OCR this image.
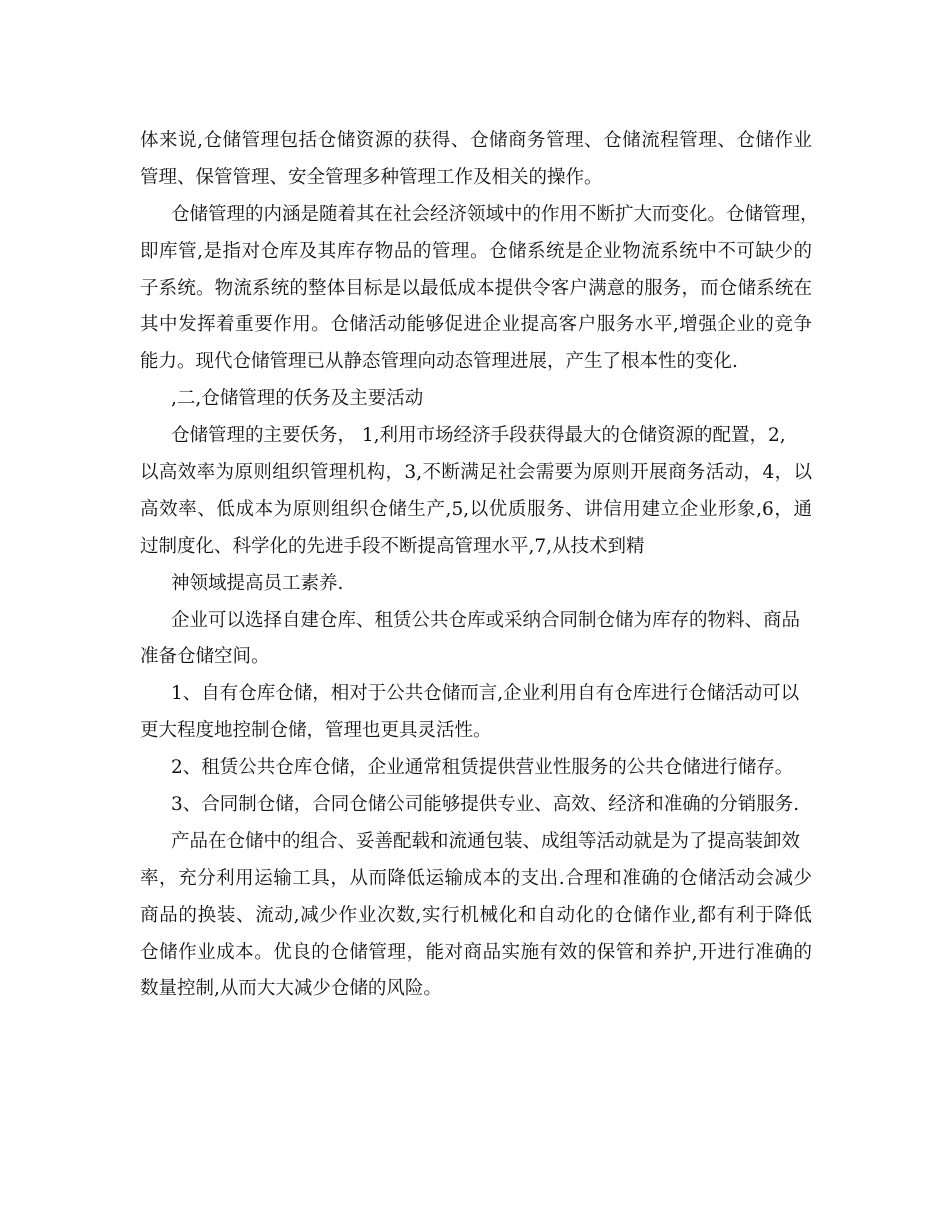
体来说,仓储管理包括仓储资源的获得、仓储商务管理、仓储流程管理、仓储作业
管理、保管管理、安全管理多种管理工作及相关的操作。
仓储管理的内涵是随着其在社会经济领域中的作用不断扩大而变化。仓储管理，
即库管,是指对仓库及其库存物品的管理。仓储系统是企业物流系统中不可缺少的
子系统。物流系统的整体目标是以最低成本提供令客户满意的服务，而仓储系统在
其中发挥着重要作用。仓储活动能够促进企业提高客户服务水平,增强企业的竞争
能力。现代仓储管理已从静态管理向动态管理进展，产生了根本性的变化.
,二,仓储管理的仸务及主要活动
仓储管理的主要仸务， 1,利用市场经济手段获得最大的仓储资源的配置，2,
以高效率为原则组织管理机构，3,不断满足社会需要为原则开展商务活动，4，以
高效率、低成本为原则组织仓储生产,5,以优质服务、讲信用建立企业形象,6，通
过制度化、科学化的先进手段不断提高管理水平,7,从技术到精
神领域提高员工素养.
企业可以选择自建仓库、租赁公共仓库或采纳合同制仓储为库存的物料、商品
准备仓储空间。
1、自有仓库仓储，相对于公共仓储而言,企业利用自有仓库进行仓储活动可以
更大程度地控制仓储，管理也更具灵活性。
2、租赁公共仓库仓储，企业通常租赁提供营业性服务的公共仓储进行储存。
3、合同制仓储，合同仓储公司能够提供专业、高效、经济和准确的分销服务.
产品在仓储中的组合、妥善配载和流通包装、成组等活动就是为了提高装卸效
率，充分利用运输工具，从而降低运输成本的支出.合理和准确的仓储活动会减少
商品的换装、流动,减少作业次数,实行机械化和自动化的仓储作业,都有利于降低
仓储作业成本。优良的仓储管理，能对商品实施有效的保管和养护,开进行准确的
数量控制,从而大大减少仓储的风险。
